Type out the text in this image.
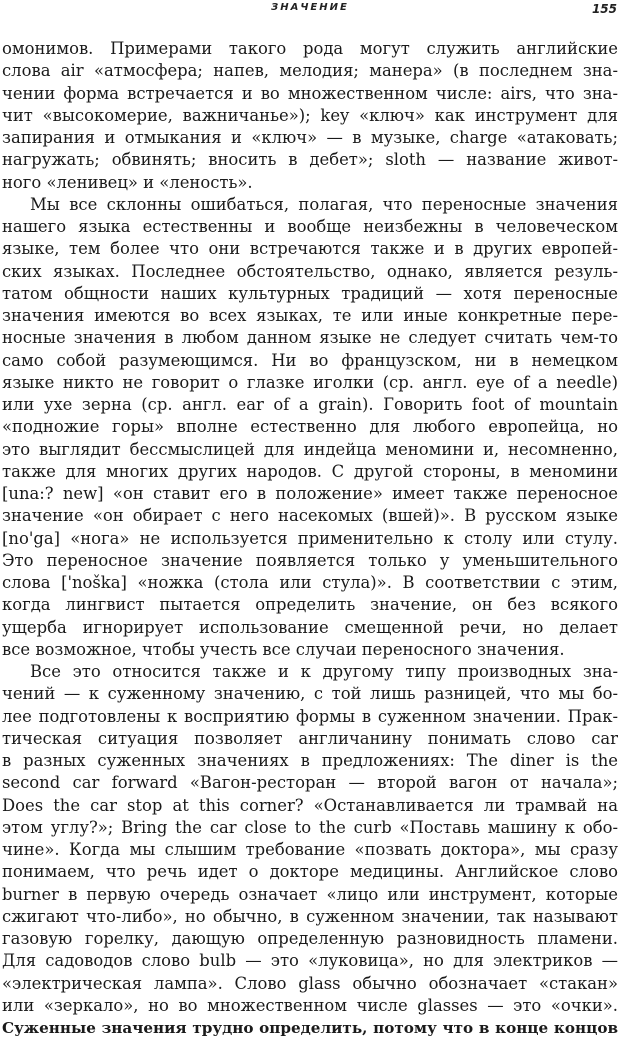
ЗНАЧЕНИЕ	155
омонимов. Примерами такого рода могут служить английские
слова air «атмосфера; напев, мелодия; манера» (в последнем зна-
чении форма встречается и во множественном числе: airs, что зна-
чит «высокомерие, важничанье»); key «ключ» как инструмент для
запирания и отмыкания и «ключ» — в музыке, charge «атаковать;
нагружать; обвинять; вносить в дебет»; sloth — название живот-
ного «ленивец» и «леность».
Мы все склонны ошибаться, полагая, что переносные значения
нашего языка естественны и вообще неизбежны в человеческом
языке, тем более что они встречаются также и в других европей-
ских языках. Последнее обстоятельство, однако, является резуль-
татом общности наших культурных традиций — хотя переносные
значения имеются во всех языках, те или иные конкретные пере-
носные значения в любом данном языке не следует считать чем-то
само собой разумеющимся. Ни во французском, ни в немецком
языке никто не говорит о глазке иголки (ср. англ. eye of a needle)
или ухе зерна (ср. англ. ear of a grain). Говорить foot of mountain
«подножие горы» вполне естественно для любого европейца, но
это выглядит бессмыслицей для индейца меномини и, несомненно,
также для многих других народов. С другой стороны, в меномини
[una:? new] «он ставит его в положение» имеет также переносное
значение «он обирает с него насекомых (вшей)». В русском языке
[no'ga] «нога» не используется применительно к столу или стулу.
Это переносное значение появляется только у уменьшительного
слова ['noška] «ножка (стола или стула)». В соответствии с этим,
когда лингвист пытается определить значение, он без всякого
ущерба игнорирует использование смещенной речи, но делает
все возможное, чтобы учесть все случаи переносного значения.
Все это относится также и к другому типу производных зна-
чений — к суженному значению, с той лишь разницей, что мы бо-
лее подготовлены к восприятию формы в суженном значении. Прак-
тическая ситуация позволяет англичанину понимать слово car
в разных суженных значениях в предложениях: The diner is the
second car forward «Вагон-ресторан — второй вагон от начала»;
Does the car stop at this corner? «Останавливается ли трамвай на
этом углу?»; Bring the car close to the curb «Поставь машину к обо-
чине». Когда мы слышим требование «позвать доктора», мы сразу
понимаем, что речь идет о докторе медицины. Английское слово
burner в первую очередь означает «лицо или инструмент, которые
сжигают что-либо», но обычно, в суженном значении, так называют
газовую горелку, дающую определенную разновидность пламени.
Для садоводов слово bulb — это «луковица», но для электриков —
«электрическая лампа». Слово glass обычно обозначает «стакан»
или «зеркало», но во множественном числе glasses — это «очки».
Суженные значения трудно определить, потому что в конце концов
